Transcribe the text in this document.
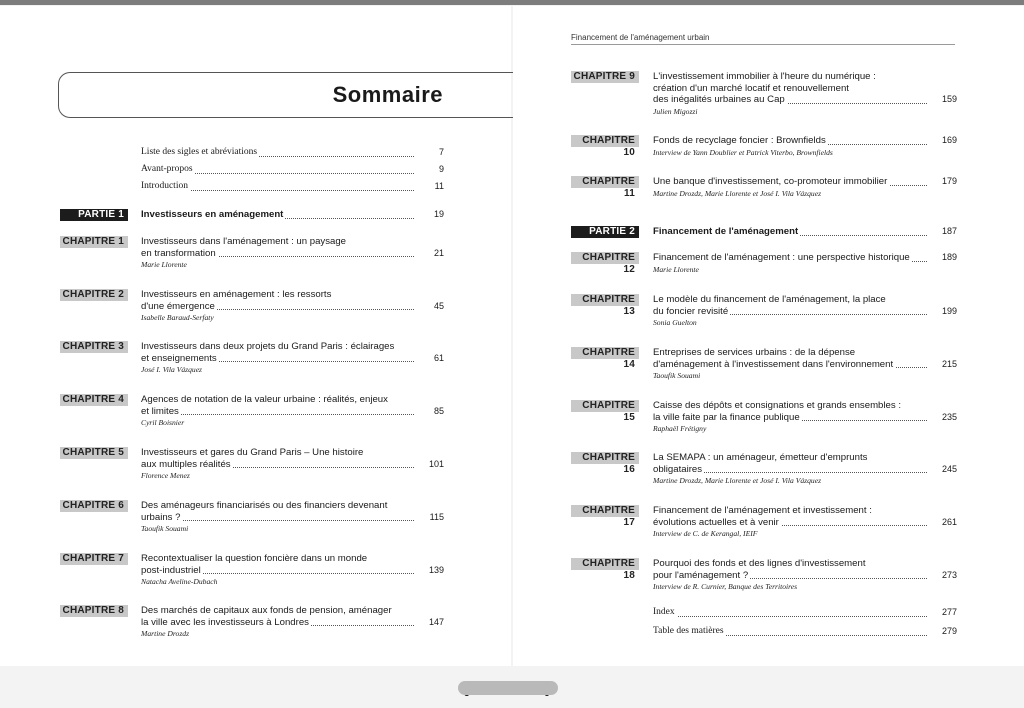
Sommaire
Liste des sigles et abréviations	7
Avant-propos	9
Introduction	11
PARTIE 1	Investisseurs en aménagement	19
CHAPITRE 1	Investisseurs dans l'aménagement : un paysage
en transformation	21
Marie Llorente
CHAPITRE 2	Investisseurs en aménagement : les ressorts
d'une émergence	45
Isabelle Baraud-Serfaty
CHAPITRE 3	Investisseurs dans deux projets du Grand Paris : éclairages
et enseignements	61
José I. Vila Vázquez
CHAPITRE 4	Agences de notation de la valeur urbaine : réalités, enjeux
et limites	85
Cyril Boisnier
CHAPITRE 5	Investisseurs et gares du Grand Paris – Une histoire
aux multiples réalités	101
Florence Menez
CHAPITRE 6	Des aménageurs financiarisés ou des financiers devenant
urbains ?	115
Taoufik Souami
CHAPITRE 7	Recontextualiser la question foncière dans un monde
post-industriel	139
Natacha Aveline-Dubach
CHAPITRE 8	Des marchés de capitaux aux fonds de pension, aménager
la ville avec les investisseurs à Londres	147
Martine Drozdz
Financement de l'aménagement urbain
CHAPITRE 9	L'investissement immobilier à l'heure du numérique :
création d'un marché locatif et renouvellement
des inégalités urbaines au Cap	159
Julien Migozzi
CHAPITRE 10
Fonds de recyclage foncier : Brownfields	169
Interview de Yann Doublier et Patrick Viterbo, Brownfields
CHAPITRE 11
Une banque d'investissement, co-promoteur immobilier	179
Martine Drozdz, Marie Llorente et José I. Vila Vázquez
PARTIE 2	Financement de l'aménagement	187
CHAPITRE 12
Financement de l'aménagement : une perspective historique	189
Marie Llorente
CHAPITRE 13
Le modèle du financement de l'aménagement, la place
du foncier revisité	199
Sonia Guelton
CHAPITRE 14
Entreprises de services urbains : de la dépense
d'aménagement à l'investissement dans l'environnement	215
Taoufik Souami
CHAPITRE 15
Caisse des dépôts et consignations et grands ensembles :
la ville faite par la finance publique	235
Raphaël Frétigny
CHAPITRE 16
La SEMAPA : un aménageur, émetteur d'emprunts
obligataires	245
Martine Drozdz, Marie Llorente et José I. Vila Vázquez
CHAPITRE 17
Financement de l'aménagement et investissement :
évolutions actuelles et à venir	261
Interview de C. de Kerangal, IEIF
CHAPITRE 18
Pourquoi des fonds et des lignes d'investissement
pour l'aménagement ?	273
Interview de R. Curnier, Banque des Territoires
Index	277
Table des matières	279
